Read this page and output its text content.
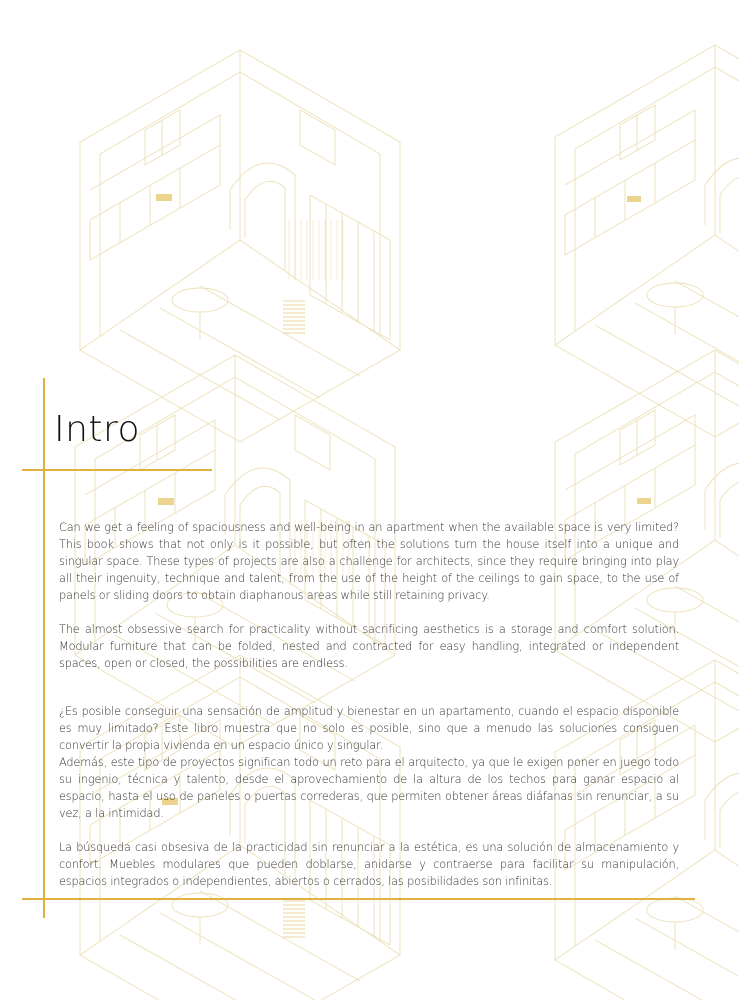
Intro

Can we get a feeling of spaciousness and well-being in an apartment when the available space is very limited? This book shows that not only is it possible, but often the solutions turn the house itself into a unique and singular space. These types of projects are also a challenge for architects, since they require bringing into play all their ingenuity, technique and talent, from the use of the height of the ceilings to gain space, to the use of panels or sliding doors to obtain diaphanous areas while still retaining privacy.

The almost obsessive search for practicality without sacrificing aesthetics is a storage and comfort solution. Modular furniture that can be folded, nested and contracted for easy handling, integrated or independent spaces, open or closed, the possibilities are endless.

¿Es posible conseguir una sensación de amplitud y bienestar en un apartamento, cuando el espacio disponible es muy limitado? Este libro muestra que no solo es posible, sino que a menudo las soluciones consiguen convertir la propia vivienda en un espacio único y singular.

Además, este tipo de proyectos significan todo un reto para el arquitecto, ya que le exigen poner en juego todo su ingenio, técnica y talento, desde el aprovechamiento de la altura de los techos para ganar espacio al espacio, hasta el uso de paneles o puertas correderas, que permiten obtener áreas diáfanas sin renunciar, a su vez, a la intimidad.

La búsqueda casi obsesiva de la practicidad sin renunciar a la estética, es una solución de almacenamiento y confort. Muebles modulares que pueden doblarse, anidarse y contraerse para facilitar su manipulación, espacios integrados o independientes, abiertos o cerrados, las posibilidades son infinitas.
